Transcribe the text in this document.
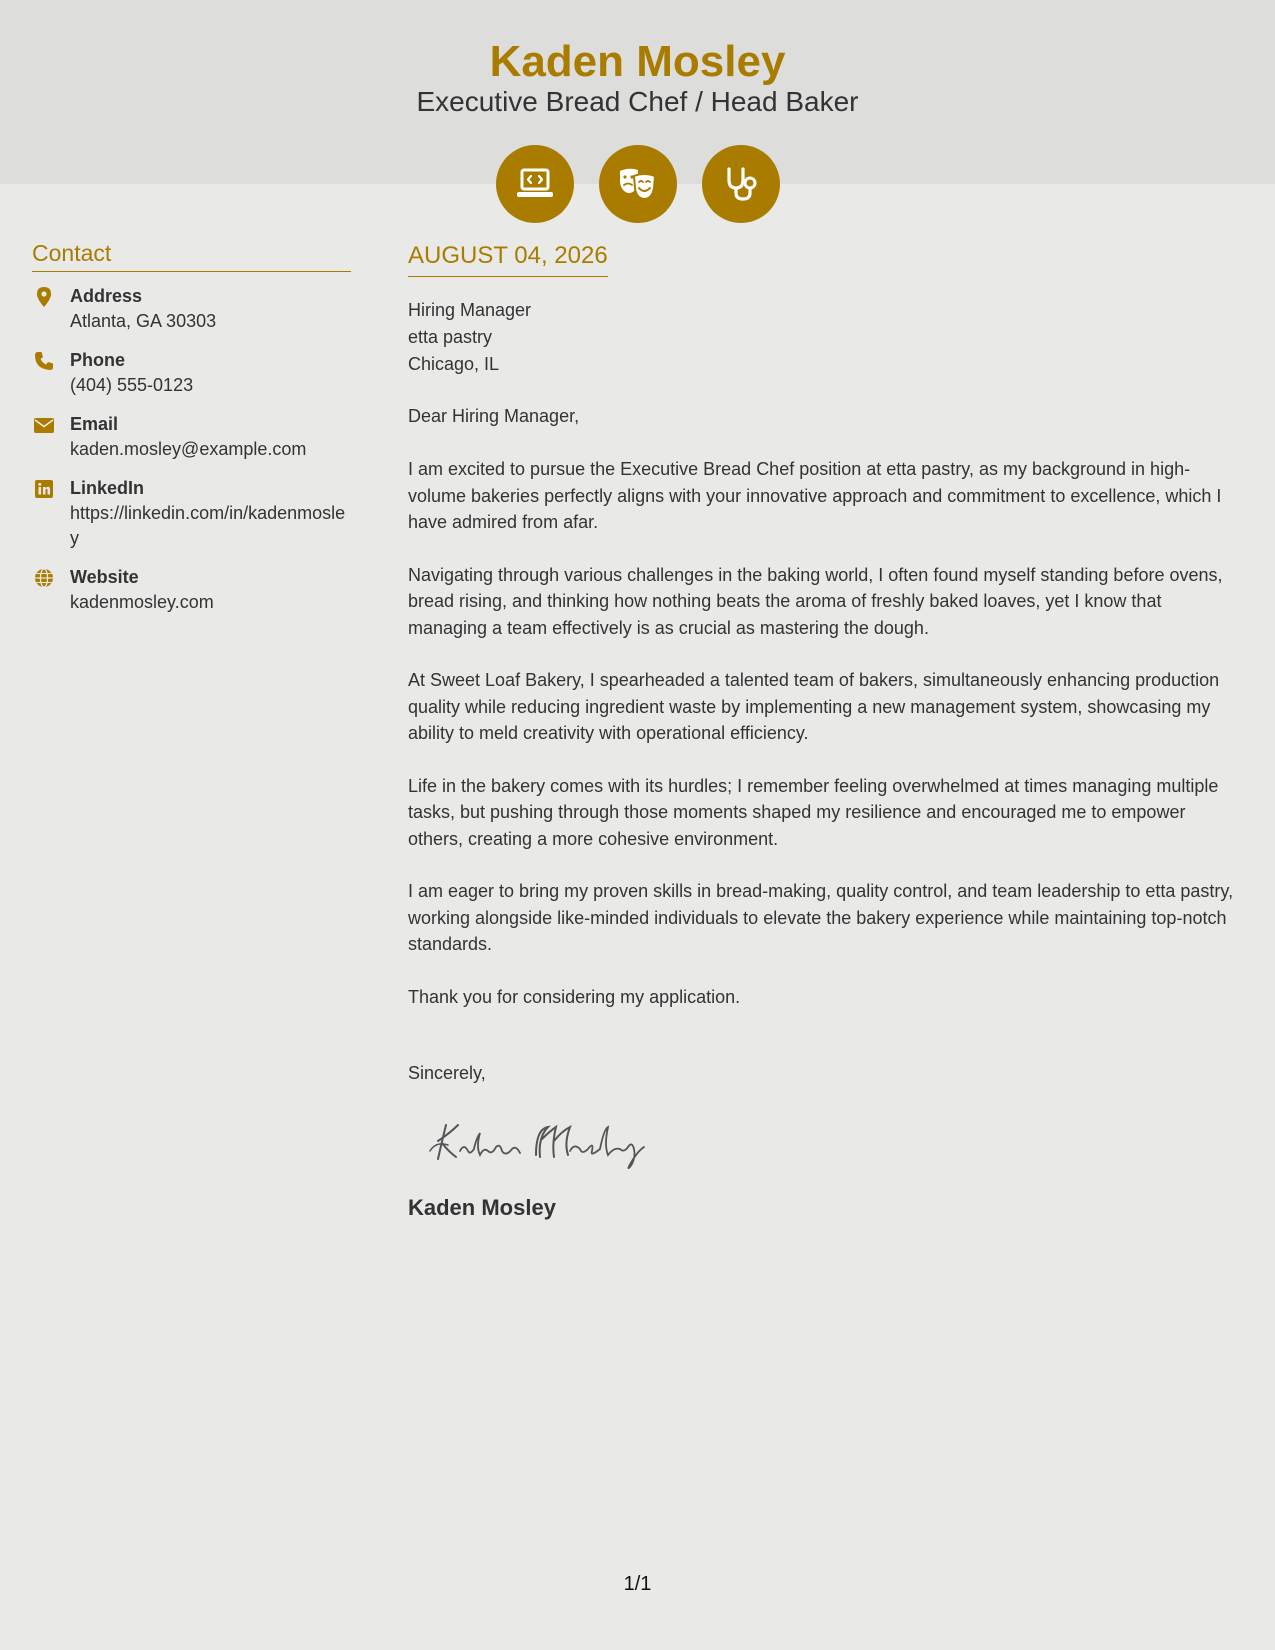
Kaden Mosley
Executive Bread Chef / Head Baker
Contact
Address
Atlanta, GA 30303
Phone
(404) 555-0123
Email
kaden.mosley@example.com
LinkedIn
https://linkedin.com/in/kadenmosley
Website
kadenmosley.com
AUGUST 04, 2026
Hiring Manager
etta pastry
Chicago, IL
Dear Hiring Manager,
I am excited to pursue the Executive Bread Chef position at etta pastry, as my background in high-volume bakeries perfectly aligns with your innovative approach and commitment to excellence, which I have admired from afar.
Navigating through various challenges in the baking world, I often found myself standing before ovens, bread rising, and thinking how nothing beats the aroma of freshly baked loaves, yet I know that managing a team effectively is as crucial as mastering the dough.
At Sweet Loaf Bakery, I spearheaded a talented team of bakers, simultaneously enhancing production quality while reducing ingredient waste by implementing a new management system, showcasing my ability to meld creativity with operational efficiency.
Life in the bakery comes with its hurdles; I remember feeling overwhelmed at times managing multiple tasks, but pushing through those moments shaped my resilience and encouraged me to empower others, creating a more cohesive environment.
I am eager to bring my proven skills in bread-making, quality control, and team leadership to etta pastry, working alongside like-minded individuals to elevate the bakery experience while maintaining top-notch standards.
Thank you for considering my application.
Sincerely,
Kaden Mosley
1/1
